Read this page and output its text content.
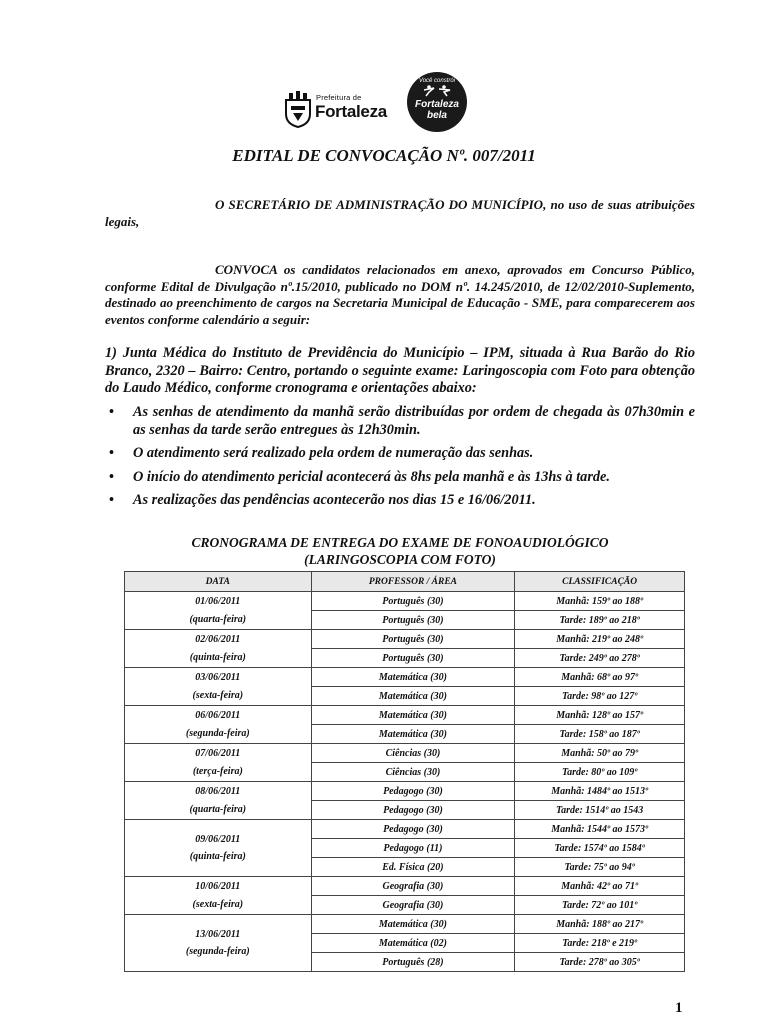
Prefeitura de
Fortaleza
Você constrói
Fortaleza
bela
EDITAL DE CONVOCAÇÃO Nº. 007/2011
O SECRETÁRIO DE ADMINISTRAÇÃO DO MUNICÍPIO, no uso de suas atribuições legais,
CONVOCA os candidatos relacionados em anexo, aprovados em Concurso Público, conforme Edital de Divulgação nº.15/2010, publicado no DOM nº. 14.245/2010, de 12/02/2010-Suplemento, destinado ao preenchimento de cargos na Secretaria Municipal de Educação - SME, para comparecerem aos eventos conforme calendário a seguir:
1) Junta Médica do Instituto de Previdência do Município – IPM, situada à Rua Barão do Rio Branco, 2320 – Bairro: Centro, portando o seguinte exame: Laringoscopia com Foto para obtenção do Laudo Médico, conforme cronograma e orientações abaixo:
• As senhas de atendimento da manhã serão distribuídas por ordem de chegada às 07h30min e as senhas da tarde serão entregues às 12h30min.
• O atendimento será realizado pela ordem de numeração das senhas.
• O início do atendimento pericial acontecerá às 8hs pela manhã e às 13hs à tarde.
• As realizações das pendências acontecerão nos dias 15 e 16/06/2011.
CRONOGRAMA DE ENTREGA DO EXAME DE FONOAUDIOLÓGICO
(LARINGOSCOPIA COM FOTO)
DATA	PROFESSOR / ÁREA	CLASSIFICAÇÃO
01/06/2011	Português (30)	Manhã: 159º ao 188º
(quarta-feira)	Português (30)	Tarde: 189º ao 218º
02/06/2011	Português (30)	Manhã: 219º ao 248º
(quinta-feira)	Português (30)	Tarde: 249º ao 278º
03/06/2011	Matemática (30)	Manhã: 68º ao 97º
(sexta-feira)	Matemática (30)	Tarde: 98º ao 127º
06/06/2011	Matemática (30)	Manhã: 128º ao 157º
(segunda-feira)	Matemática (30)	Tarde: 158º ao 187º
07/06/2011	Ciências (30)	Manhã: 50º ao 79º
(terça-feira)	Ciências (30)	Tarde: 80º ao 109º
08/06/2011	Pedagogo (30)	Manhã: 1484º ao 1513º
(quarta-feira)	Pedagogo (30)	Tarde: 1514º ao 1543

09/06/2011
(quinta-feira)	Pedagogo (30)	Manhã: 1544º ao 1573º
	Pedagogo (11)	Tarde: 1574º ao 1584º
	Ed. Física (20)	Tarde: 75º ao 94º
10/06/2011	Geografia (30)	Manhã: 42º ao 71º
(sexta-feira)	Geografia (30)	Tarde: 72º ao 101º

13/06/2011
(segunda-feira)	Matemática (30)	Manhã: 188º ao 217º
	Matemática (02)	Tarde: 218º e 219º
	Português (28)	Tarde: 278º ao 305º
1
